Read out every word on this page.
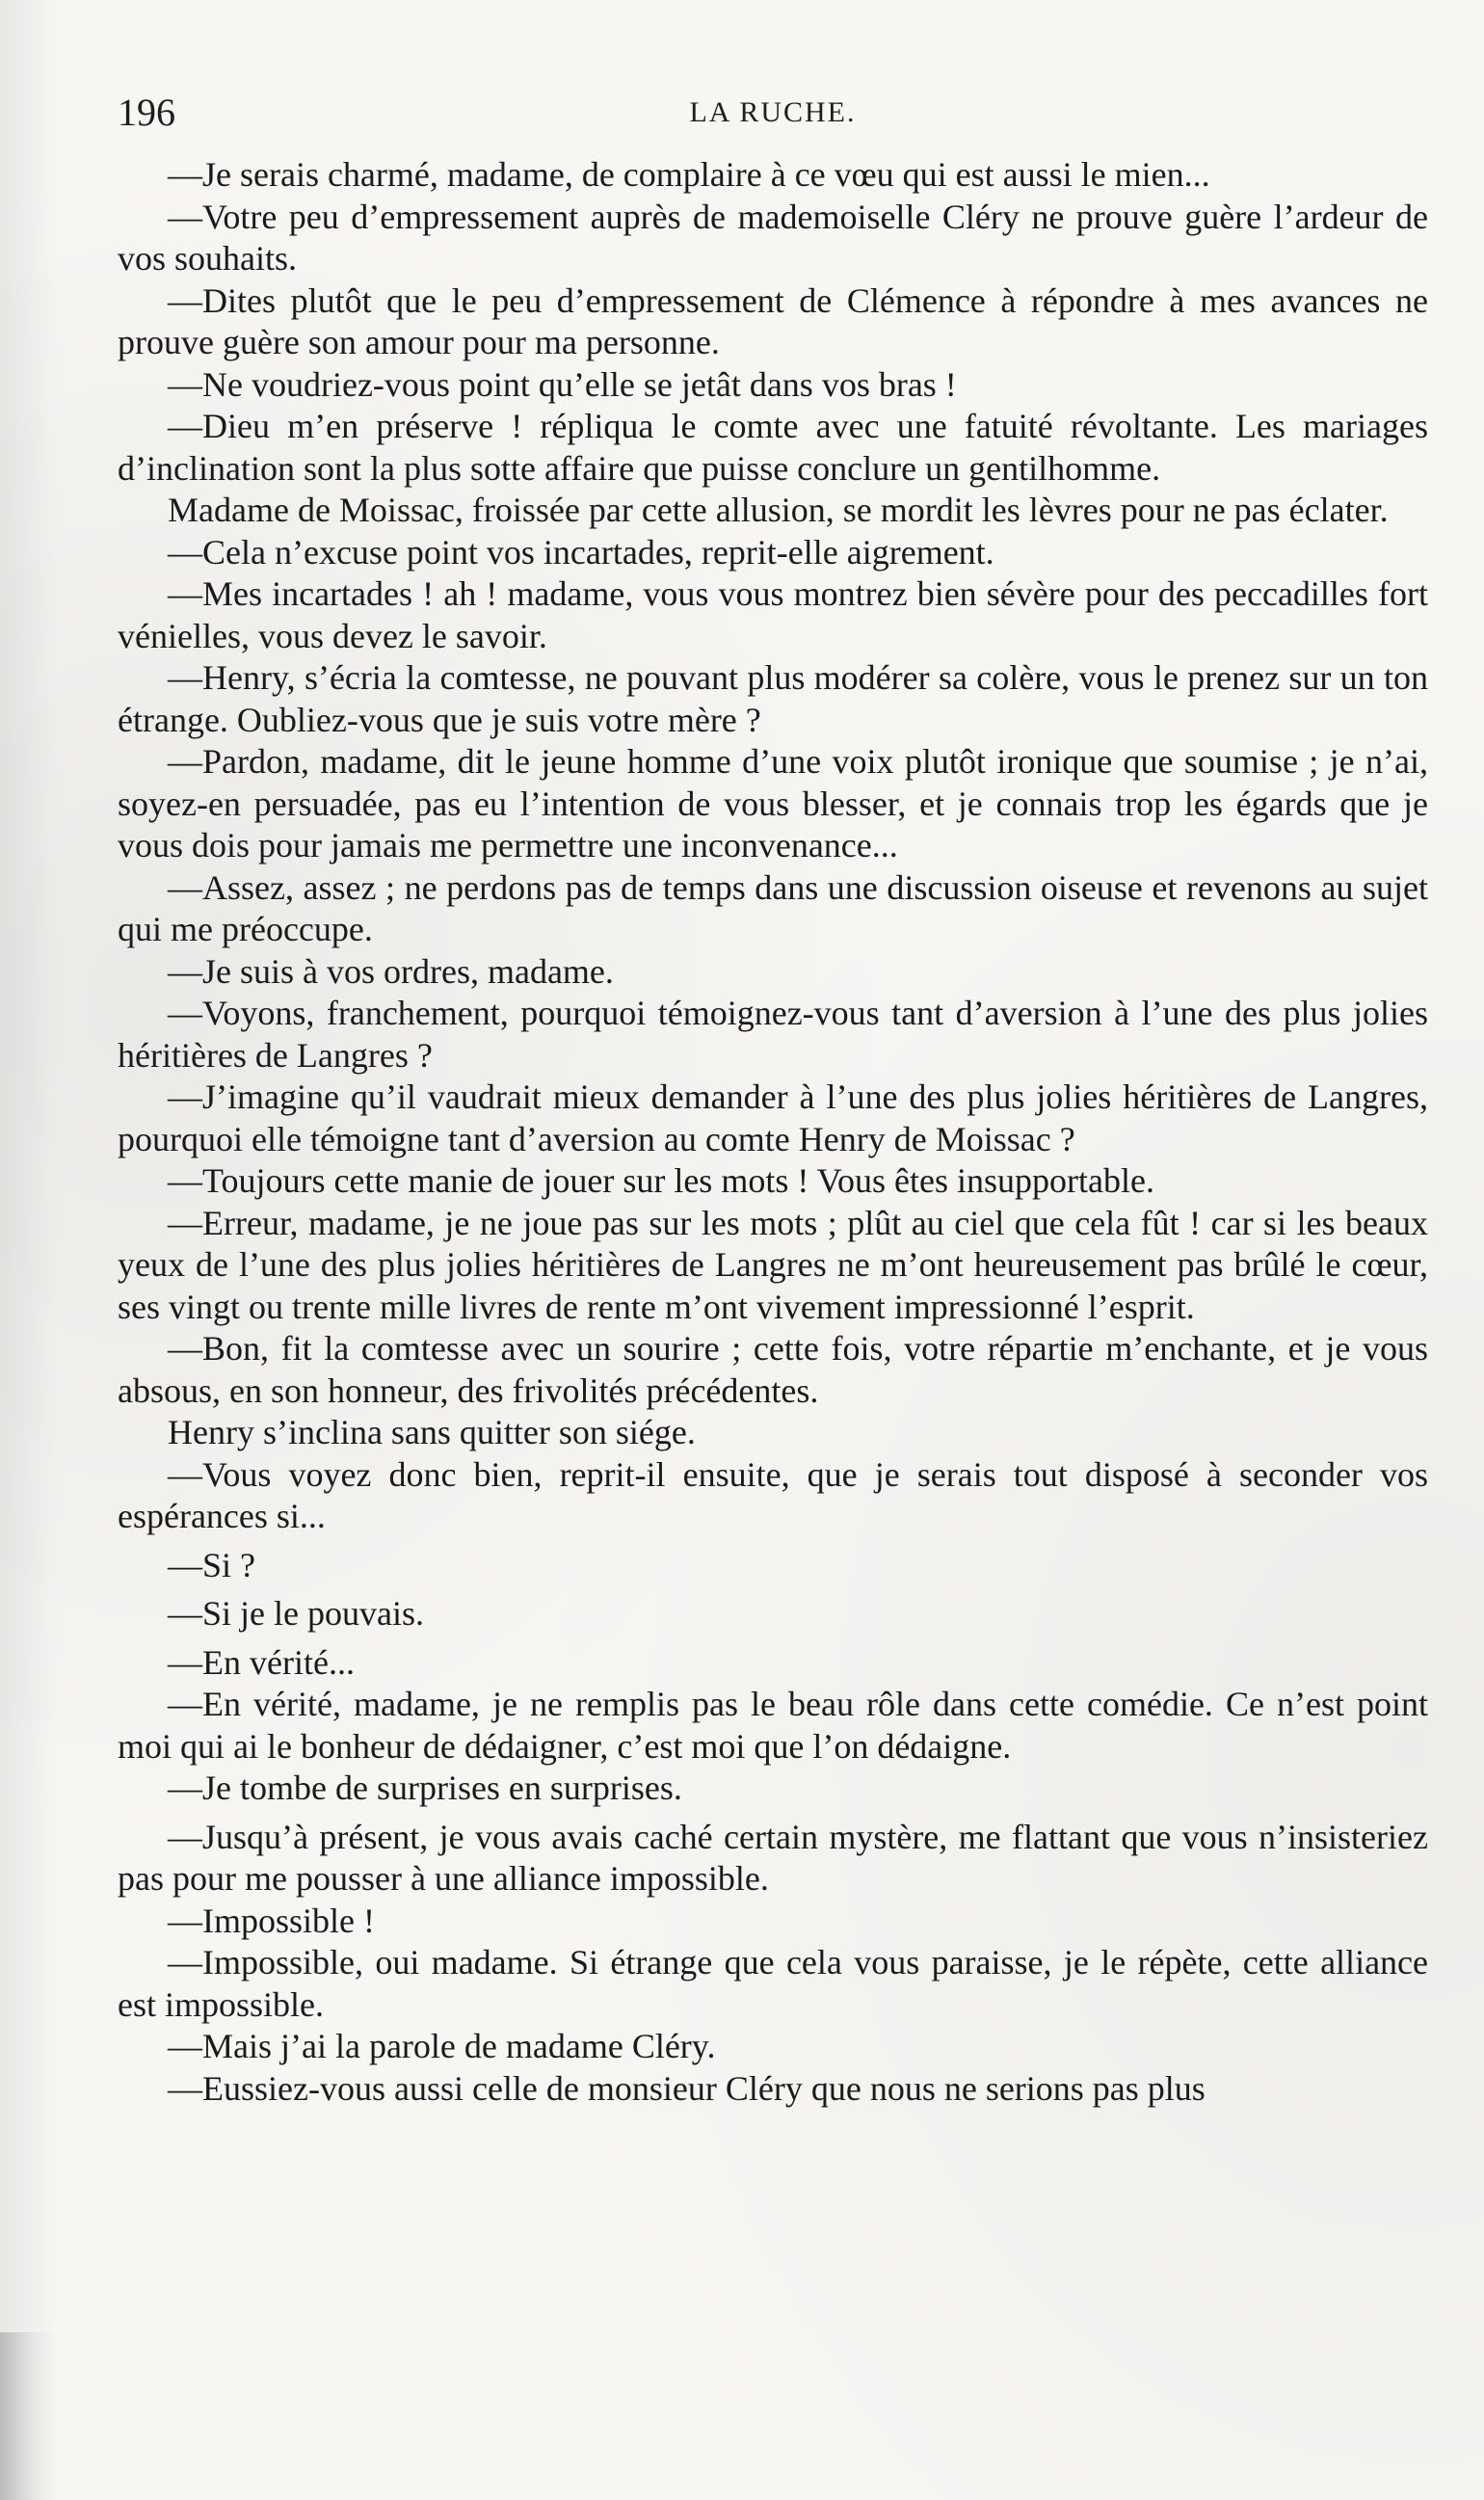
196	LA RUCHE.

—Je serais charmé, madame, de complaire à ce vœu qui est aussi le mien...

—Votre peu d’empressement auprès de mademoiselle Cléry ne prouve guère l’ardeur de vos souhaits.

—Dites plutôt que le peu d’empressement de Clémence à répondre à mes avances ne prouve guère son amour pour ma personne.

—Ne voudriez-vous point qu’elle se jetât dans vos bras !

—Dieu m’en préserve ! répliqua le comte avec une fatuité révoltante. Les mariages d’inclination sont la plus sotte affaire que puisse conclure un gentilhomme.

Madame de Moissac, froissée par cette allusion, se mordit les lèvres pour ne pas éclater.

—Cela n’excuse point vos incartades, reprit-elle aigrement.

—Mes incartades ! ah ! madame, vous vous montrez bien sévère pour des peccadilles fort vénielles, vous devez le savoir.

—Henry, s’écria la comtesse, ne pouvant plus modérer sa colère, vous le prenez sur un ton étrange. Oubliez-vous que je suis votre mère ?

—Pardon, madame, dit le jeune homme d’une voix plutôt ironique que soumise ; je n’ai, soyez-en persuadée, pas eu l’intention de vous blesser, et je connais trop les égards que je vous dois pour jamais me permettre une inconvenance...

—Assez, assez ; ne perdons pas de temps dans une discussion oiseuse et revenons au sujet qui me préoccupe.

—Je suis à vos ordres, madame.

—Voyons, franchement, pourquoi témoignez-vous tant d’aversion à l’une des plus jolies héritières de Langres ?

—J’imagine qu’il vaudrait mieux demander à l’une des plus jolies héritières de Langres, pourquoi elle témoigne tant d’aversion au comte Henry de Moissac ?

—Toujours cette manie de jouer sur les mots ! Vous êtes insupportable.

—Erreur, madame, je ne joue pas sur les mots ; plût au ciel que cela fût ! car si les beaux yeux de l’une des plus jolies héritières de Langres ne m’ont heureusement pas brûlé le cœur, ses vingt ou trente mille livres de rente m’ont vivement impressionné l’esprit.

—Bon, fit la comtesse avec un sourire ; cette fois, votre répartie m’enchante, et je vous absous, en son honneur, des frivolités précédentes.

Henry s’inclina sans quitter son siége.

—Vous voyez donc bien, reprit-il ensuite, que je serais tout disposé à seconder vos espérances si...

—Si ?

—Si je le pouvais.

—En vérité...

—En vérité, madame, je ne remplis pas le beau rôle dans cette comédie. Ce n’est point moi qui ai le bonheur de dédaigner, c’est moi que l’on dédaigne.

—Je tombe de surprises en surprises.

—Jusqu’à présent, je vous avais caché certain mystère, me flattant que vous n’insisteriez pas pour me pousser à une alliance impossible.

—Impossible !

—Impossible, oui madame. Si étrange que cela vous paraisse, je le répète, cette alliance est impossible.

—Mais j’ai la parole de madame Cléry.

—Eussiez-vous aussi celle de monsieur Cléry que nous ne serions pas plus
